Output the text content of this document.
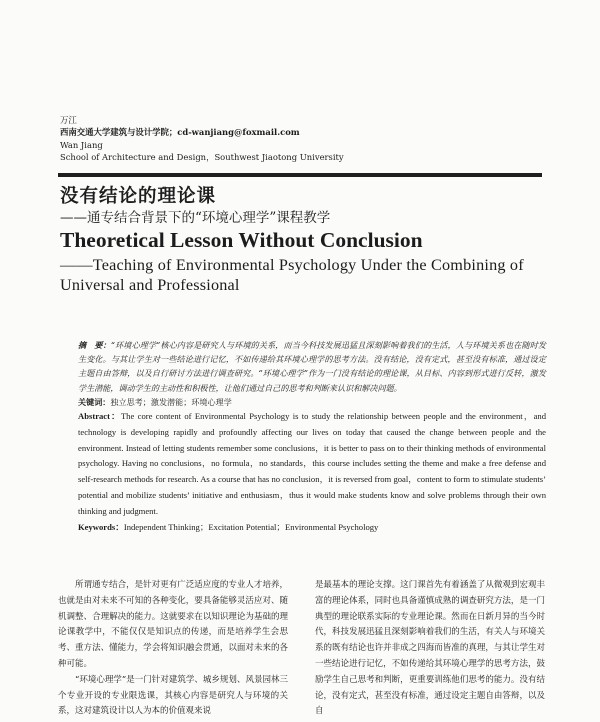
万江
西南交通大学建筑与设计学院；cd-wanjiang@foxmail.com
Wan Jiang
School of Architecture and Design，Southwest Jiaotong University
没有结论的理论课
——通专结合背景下的“环境心理学”课程教学
Theoretical Lesson Without Conclusion
——Teaching of Environmental Psychology Under the Combining of Universal and Professional
摘　要：“环境心理学”核心内容是研究人与环境的关系，而当今科技发展迅猛且深刻影响着我们的生活，人与环境关系也在随时发生变化。与其让学生对一些结论进行记忆，不如传递给其环境心理学的思考方法。没有结论，没有定式，甚至没有标准，通过设定主题自由答辩，以及自行研讨方法进行调查研究。“环境心理学”作为一门没有结论的理论课，从目标、内容到形式进行反转，激发学生潜能，调动学生的主动性和积极性，让他们通过自己的思考和判断来认识和解决问题。
关键词：独立思考；激发潜能；环境心理学
Abstract：The core content of Environmental Psychology is to study the relationship between people and the environment，and technology is developing rapidly and profoundly affecting our lives on today that caused the change between people and the environment. Instead of letting students remember some conclusions，it is better to pass on to their thinking methods of environmental psychology. Having no conclusions，no formula，no standards，this course includes setting the theme and make a free defense and self-research methods for research. As a course that has no conclusion，it is reversed from goal，content to form to stimulate students’ potential and mobilize students’ initiative and enthusiasm，thus it would make students know and solve problems through their own thinking and judgment.
Keywords：Independent Thinking；Excitation Potential；Environmental Psychology

所谓通专结合，是针对更有广泛适应度的专业人才培养，也就是由对未来不可知的各种变化，要具备能够灵活应对、随机调整、合理解决的能力。这就要求在以知识理论为基础的理论课教学中，不能仅仅是知识点的传递，而是培养学生会思考、重方法、懂能力，学会将知识融会贯通，以面对未来的各种可能。

“环境心理学”是一门针对建筑学、城乡规划、风景园林三个专业开设的专业限选课，其核心内容是研究人与环境的关系，这对建筑设计以人为本的价值观来说

是最基本的理论支撑。这门课首先有着涵盖了从微观到宏观丰富的理论体系，同时也具备谨慎成熟的调查研究方法，是一门典型的理论联系实际的专业理论课。然而在日新月异的当今时代，科技发展迅猛且深刻影响着我们的生活，有关人与环境关系的既有结论也许并非成之四海而皆准的真理，与其让学生对一些结论进行记忆，不如传递给其环境心理学的思考方法，鼓励学生自己思考和判断，更重要训练他们思考的能力。没有结论，没有定式，甚至没有标准，通过设定主题自由答辩，以及自
